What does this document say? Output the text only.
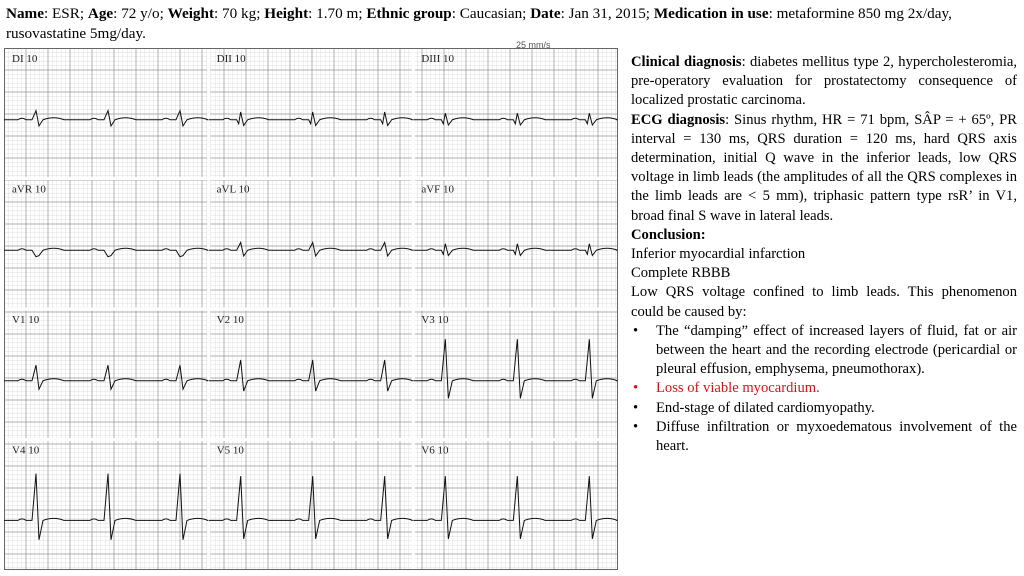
Name: ESR; Age: 72 y/o; Weight: 70 kg; Height: 1.70 m; Ethnic group: Caucasian; Date: Jan 31, 2015; Medication in use: metaformine 850 mg 2x/day, rusovastatine 5mg/day.
25 mm/s
DI 10	DII 10	DIII 10
aVR 10	aVL 10	aVF 10
V1 10	V2 10	V3 10
V4 10	V5 10	V6 10

Clinical diagnosis: diabetes mellitus type 2, hypercholesteromia, pre-operatory evaluation for prostatectomy consequence of localized prostatic carcinoma.

ECG diagnosis: Sinus rhythm, HR = 71 bpm, SÂP = + 65º, PR interval = 130 ms, QRS duration = 120 ms, hard QRS axis determination, initial Q wave in the inferior leads, low QRS voltage in limb leads (the amplitudes of all the QRS complexes in the limb leads are < 5 mm), triphasic pattern type rsR’ in V1, broad final S wave in lateral leads.

Conclusion:

Inferior myocardial infarction

Complete RBBB

Low QRS voltage confined to limb leads. This phenomenon could be caused by:

• The “damping” effect of increased layers of fluid, fat or air between the heart and the recording electrode (pericardial or pleural effusion, emphysema, pneumothorax).
• Loss of viable myocardium.
• End-stage of dilated cardiomyopathy.
• Diffuse infiltration or myxoedematous involvement of the heart.
